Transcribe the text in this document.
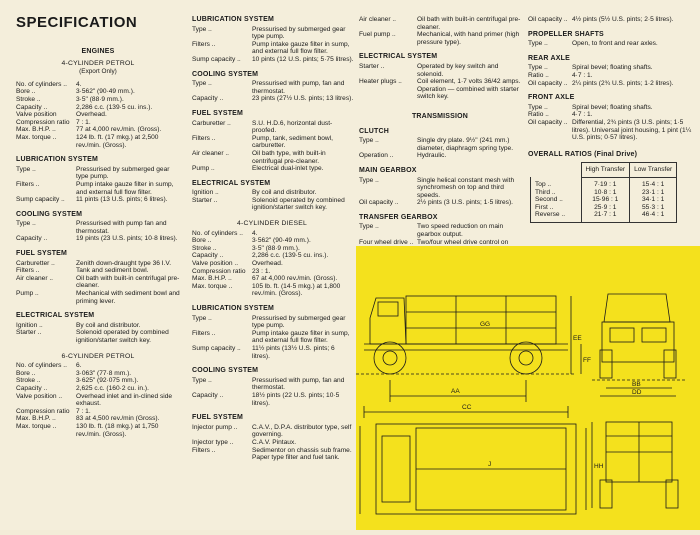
SPECIFICATION
ENGINES
4-CYLINDER PETROL
(Export Only)
No. of cylinders ..	4.
Bore ..	3·562" (90·49 mm.).
Stroke ..	3·5" (88·9 mm.).
Capacity ..	2,286 c.c. (139·5 cu. ins.).
Valve position	Overhead.
Compression ratio 7 : 1.
Max. B.H.P. ..	77 at 4,000 rev./min. (Gross).
Max. torque ..	124 lb. ft. (17 mkg.) at 2,500 rev./min. (Gross).
LUBRICATION SYSTEM
Type ..	Pressurised by submerged gear type pump.
Filters ..	Pump intake gauze filter in sump, and external full flow filter.
Sump capacity ..	11 pints (13 U.S. pints; 6 litres).
COOLING SYSTEM
Type ..	Pressurised with pump fan and thermostat.
Capacity ..	19 pints (23 U.S. pints; 10·8 litres).
FUEL SYSTEM
Carburetter ..	Zenith down-draught type 36 I.V.
Filters ..	Tank and sediment bowl.
Air cleaner ..	Oil bath with built-in centrifugal pre-cleaner.
Pump ..	Mechanical with sediment bowl and priming lever.
ELECTRICAL SYSTEM
Ignition ..	By coil and distributor.
Starter ..	Solenoid operated by combined ignition/starter switch key.
6-CYLINDER PETROL
No. of cylinders ..	6.
Bore ..	3·063" (77·8 mm.).
Stroke ..	3·625" (92·075 mm.).
Capacity ..	2,625 c.c. (160·2 cu. in.).
Valve position ..	Overhead inlet and in-clined side exhaust.
Compression ratio 7 : 1.
Max. B.H.P. ..	83 at 4,500 rev./min (Gross).
Max. torque ..	130 lb. ft. (18 mkg.) at 1,750 rev./min. (Gross).
LUBRICATION SYSTEM
Type ..	Pressurised by submerged gear type pump.
Filters ..	Pump intake gauze filter in sump, and external full flow filter.
Sump capacity ..	10 pints (12 U.S. pints; 5·75 litres).
COOLING SYSTEM
Type ..	Pressurised with pump, fan and thermostat.
Capacity ..	23 pints (27½ U.S. pints; 13 litres).
FUEL SYSTEM
Carburetter ..	S.U. H.D.6, horizontal dust-proofed.
Filters ..	Pump, tank, sediment bowl, carburetter.
Air cleaner ..	Oil bath type, with built-in centrifugal pre-cleaner.
Pump ..	Electrical dual-inlet type.
ELECTRICAL SYSTEM
Ignition ..	By coil and distributor.
Starter ..	Solenoid operated by combined ignition/starter switch key.
4-CYLINDER DIESEL
No. of cylinders ..	4.
Bore ..	3·562" (90·49 mm.).
Stroke ..	3·5" (88·9 mm.).
Capacity ..	2,286 c.c. (139·5 cu. ins.).
Valve position ..	Overhead.
Compression ratio 23 : 1.
Max. B.H.P. ..	67 at 4,000 rev./min. (Gross).
Max. torque ..	105 lb. ft. (14·5 mkg.) at 1,800 rev./min. (Gross).
LUBRICATION SYSTEM
Type ..	Pressurised by submerged gear type pump.
Filters ..	Pump intake gauze filter in sump, and external full flow filter.
Sump capacity ..	11½ pints (13½ U.S. pints; 6 litres).
COOLING SYSTEM
Type ..	Pressurised with pump, fan and thermostat.
Capacity ..	18½ pints (22 U.S. pints; 10·5 litres).
FUEL SYSTEM
Injector pump ..	C.A.V., D.P.A. distributor type, self governing.
Injector type ..	C.A.V. Pintaux.
Filters ..	Sedimentor on chassis sub frame. Paper type filter and fuel tank.
Air cleaner ..	Oil bath with built-in centrifugal pre-cleaner.
Fuel pump ..	Mechanical, with hand primer (high pressure type).
ELECTRICAL SYSTEM
Starter ..	Operated by key switch and solenoid.
Heater plugs ..	Coil element, 1·7 volts 36/42 amps. Operation — combined with starter switch key.
TRANSMISSION
CLUTCH
Type ..	Single dry plate. 9½" (241 mm.) diameter, diaphragm spring type.
Operation ..	Hydraulic.
MAIN GEARBOX
Type ..	Single helical constant mesh with synchromesh on top and third speeds.
Oil capacity ..	2½ pints (3 U.S. pints; 1·5 litres).
TRANSFER GEARBOX
Type ..	Two speed reduction on main gearbox output.
Four wheel drive .. Two/four wheel drive control on
Oil capacity .. 4½ pints (5½ U.S. pints; 2·5 litres).
PROPELLER SHAFTS
Type ..	Open, to front and rear axles.
REAR AXLE
Type ..	Spiral bevel; floating shafts.
Ratio ..	4·7 : 1.
Oil capacity .. 2¼ pints (2¾ U.S. pints; 1·2 litres).
FRONT AXLE
Type ..	Spiral bevel; floating shafts.
Ratio ..	4·7 : 1.
Oil capacity .. Differential, 2¾ pints (3 U.S. pints; 1·5 litres). Universal joint housing, 1 pint (1¼ U.S. pints; 0·57 litres).
OVERALL RATIOS (Final Drive)
	High Transfer	Low Transfer
Top ..	7·19 : 1	15·4 : 1
Third ..	10·8 : 1	23·1 : 1
Second ..	15·96 : 1	34·1 : 1
First ..	25·9 : 1	55·3 : 1
Reverse ..	21·7 : 1	46·4 : 1
GG
EE
FF
AA
BB
DD
CC
HH
J
